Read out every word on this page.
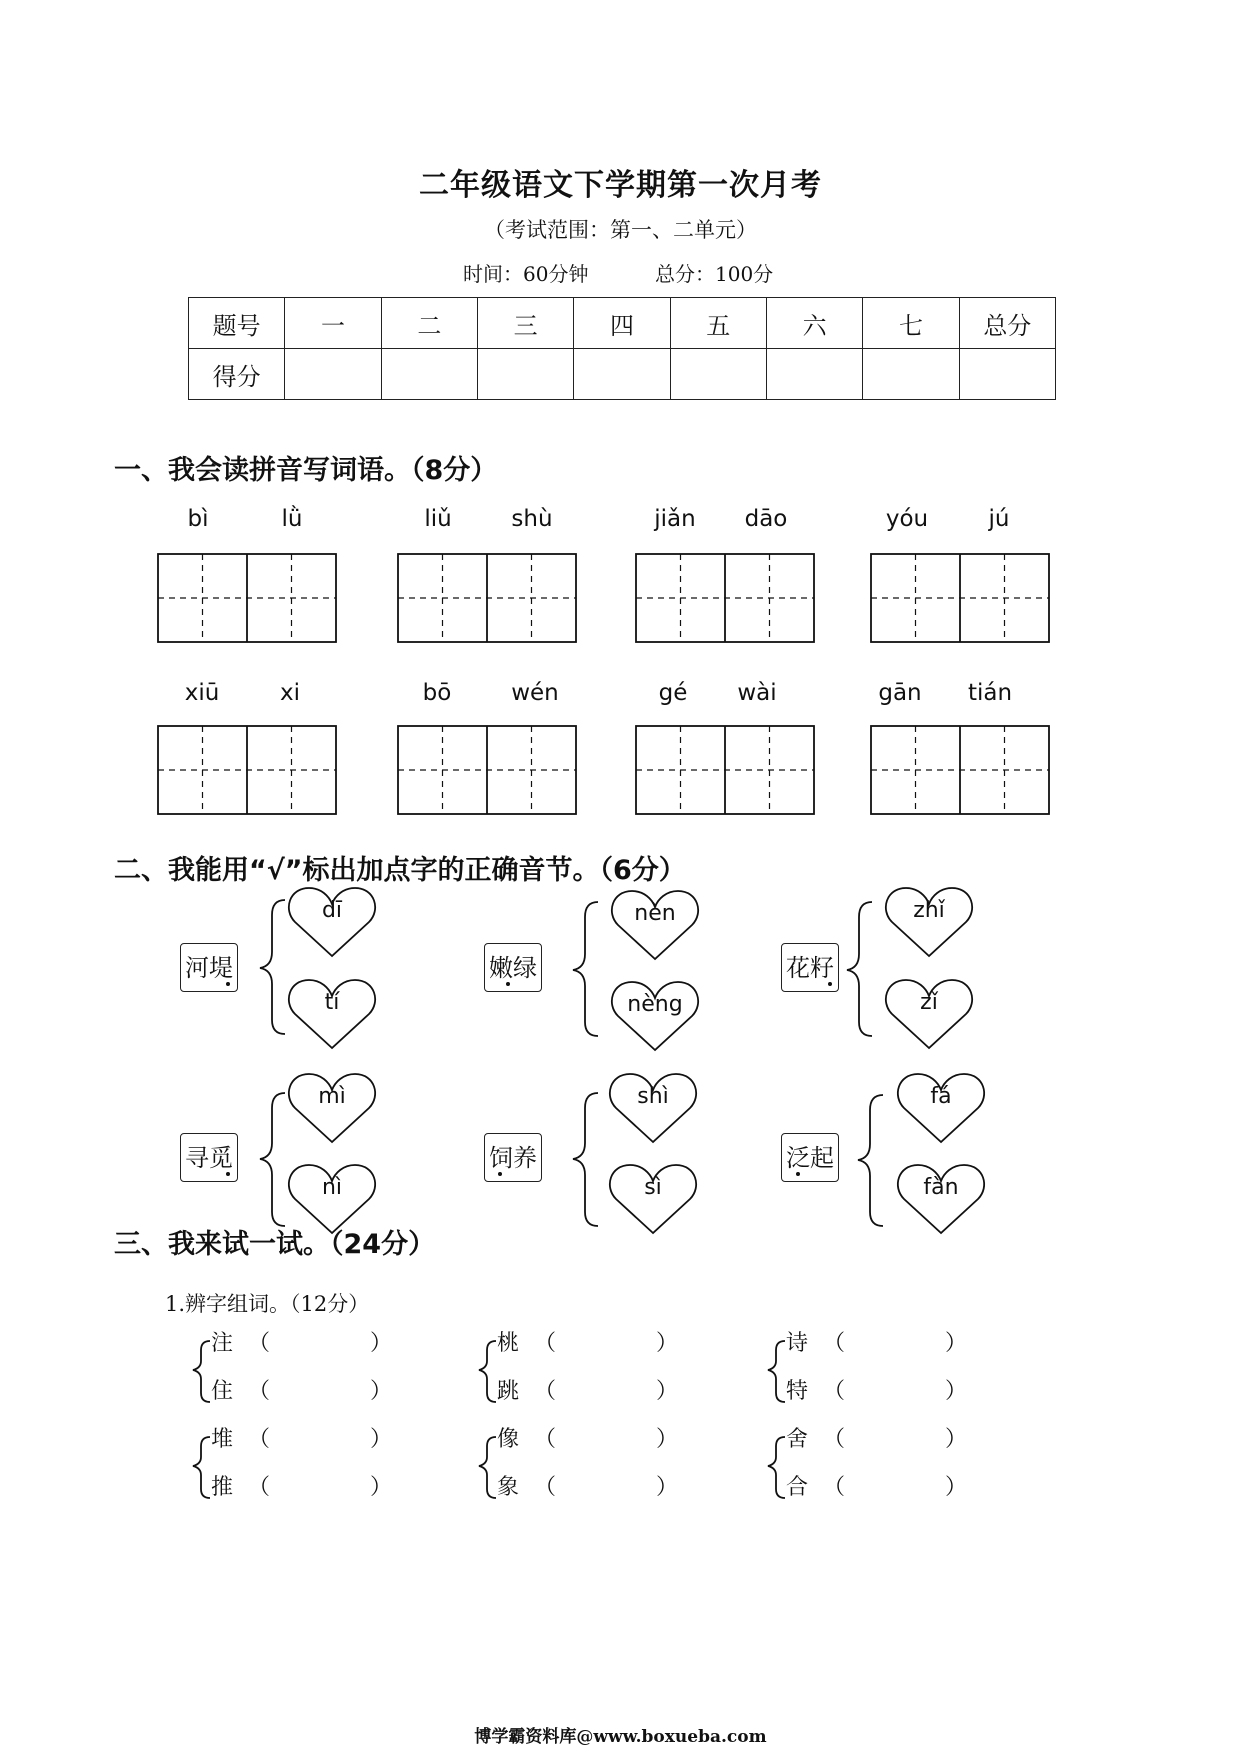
二年级语文下学期第一次月考
（考试范围：第一、二单元）
时间：60分钟	总分：100分
题号	一	二	三	四	五	六	七	总分
得分								
一、我会读拼音写词语。（8分）
bì	lǜ	liǔ	shù	jiǎn	dāo	yóu	jú
xiū	xi	bō	wén	gé	wài	gān	tián
二、我能用“√”标出加点字的正确音节。（6分）
河堤	嫩绿	花籽
寻觅	饲养	泛起
dī
tí
nèn
nèng
zhǐ
zǐ
mì
nì
shì
sì
fá
fàn
三、我来试一试。（24分）
1.辨字组词。（12分）
注 （	）
住 （	）
桃 （	）
跳 （	）
诗 （	）
特 （	）
堆 （	）
推 （	）
像 （	）
象 （	）
舍 （	）
合 （	）
博学霸资料库@www.boxueba.com
